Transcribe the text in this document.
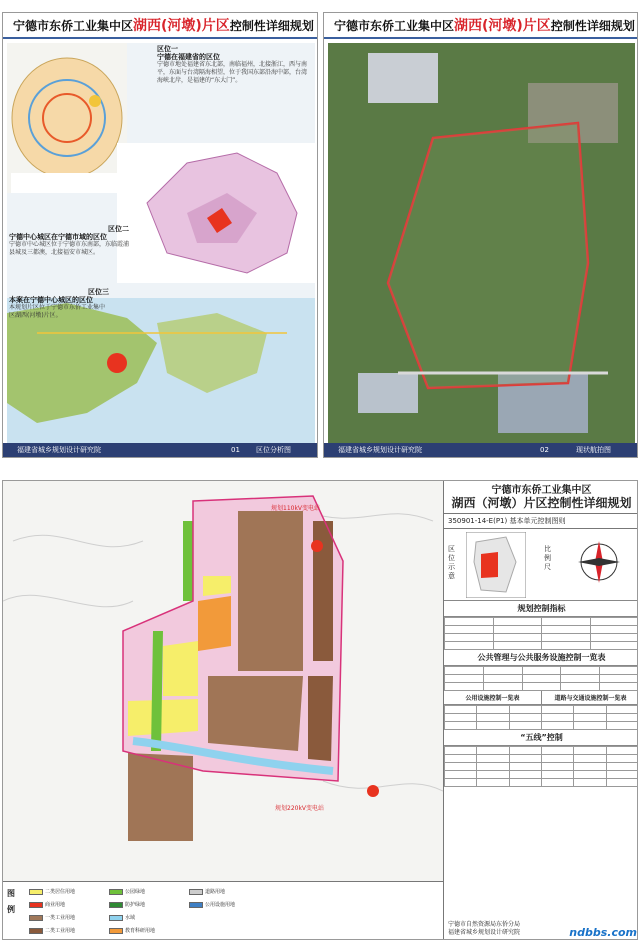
宁德市东侨工业集中区湖西(河墩)片区控制性详细规划
区位一
宁德在福建省的区位
宁德市地处福建省东北部，南临福州，北接浙江，西与南平，东面与台湾隔海相望，位于我国东部沿海中部，台湾海峡北岸，是福建的“东大门”。
区位二
宁德中心城区在宁德市域的区位
宁德市中心城区位于宁德市东南部，东临霞浦县城及三都澳，北接福安市城区。
区位三
本案在宁德中心城区的区位
本规划片区位于宁德市东侨工业集中区湖西(河墩)片区。
福建省城乡规划设计研究院	01 区位分析图
宁德市东侨工业集中区湖西(河墩)片区控制性详细规划
福建省城乡规划设计研究院	02	现状航拍图
规划110kV变电站
规划220kV变电站
图例
二类居住用地
商业用地
一类工业用地
二类工业用地
公园绿地
防护绿地
水域
教育科研用地
道路用地
公用设施用地
宁德市东侨工业集中区
湖西（河墩）片区控制性详细规划
350901-14-E(P1) 基本单元控制图则
区位示意
比例尺
规划控制指标

公共管理与公共服务设施控制一览表

公用设施控制一览表	道路与交通设施控制一览表

“五线”控制

宁德市自然资源局东侨分局
福建省城乡规划设计研究院	ndbbs.com
